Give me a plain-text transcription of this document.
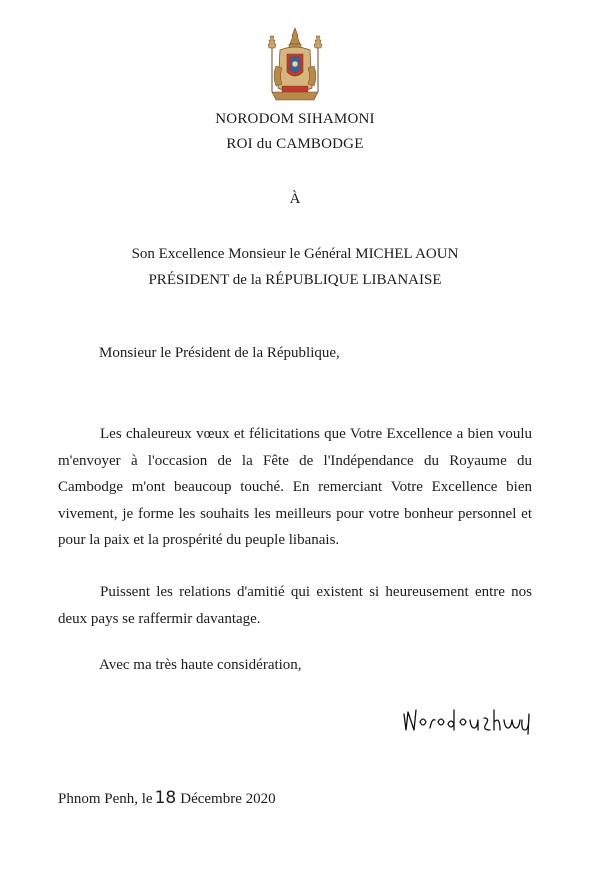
NORODOM SIHAMONI
ROI du CAMBODGE
À
Son Excellence Monsieur le Général MICHEL AOUN
PRÉSIDENT de la RÉPUBLIQUE LIBANAISE
Monsieur le Président de la République,

Les chaleureux vœux et félicitations que Votre Excellence a bien voulu m'envoyer à l'occasion de la Fête de l'Indépendance du Royaume du Cambodge m'ont beaucoup touché. En remerciant Votre Excellence bien vivement, je forme les souhaits les meilleurs pour votre bonheur personnel et pour la paix et la prospérité du peuple libanais.

Puissent les relations d'amitié qui existent si heureusement entre nos deux pays se raffermir davantage.

Avec ma très haute considération,
Phnom Penh, le 18 Décembre 2020
